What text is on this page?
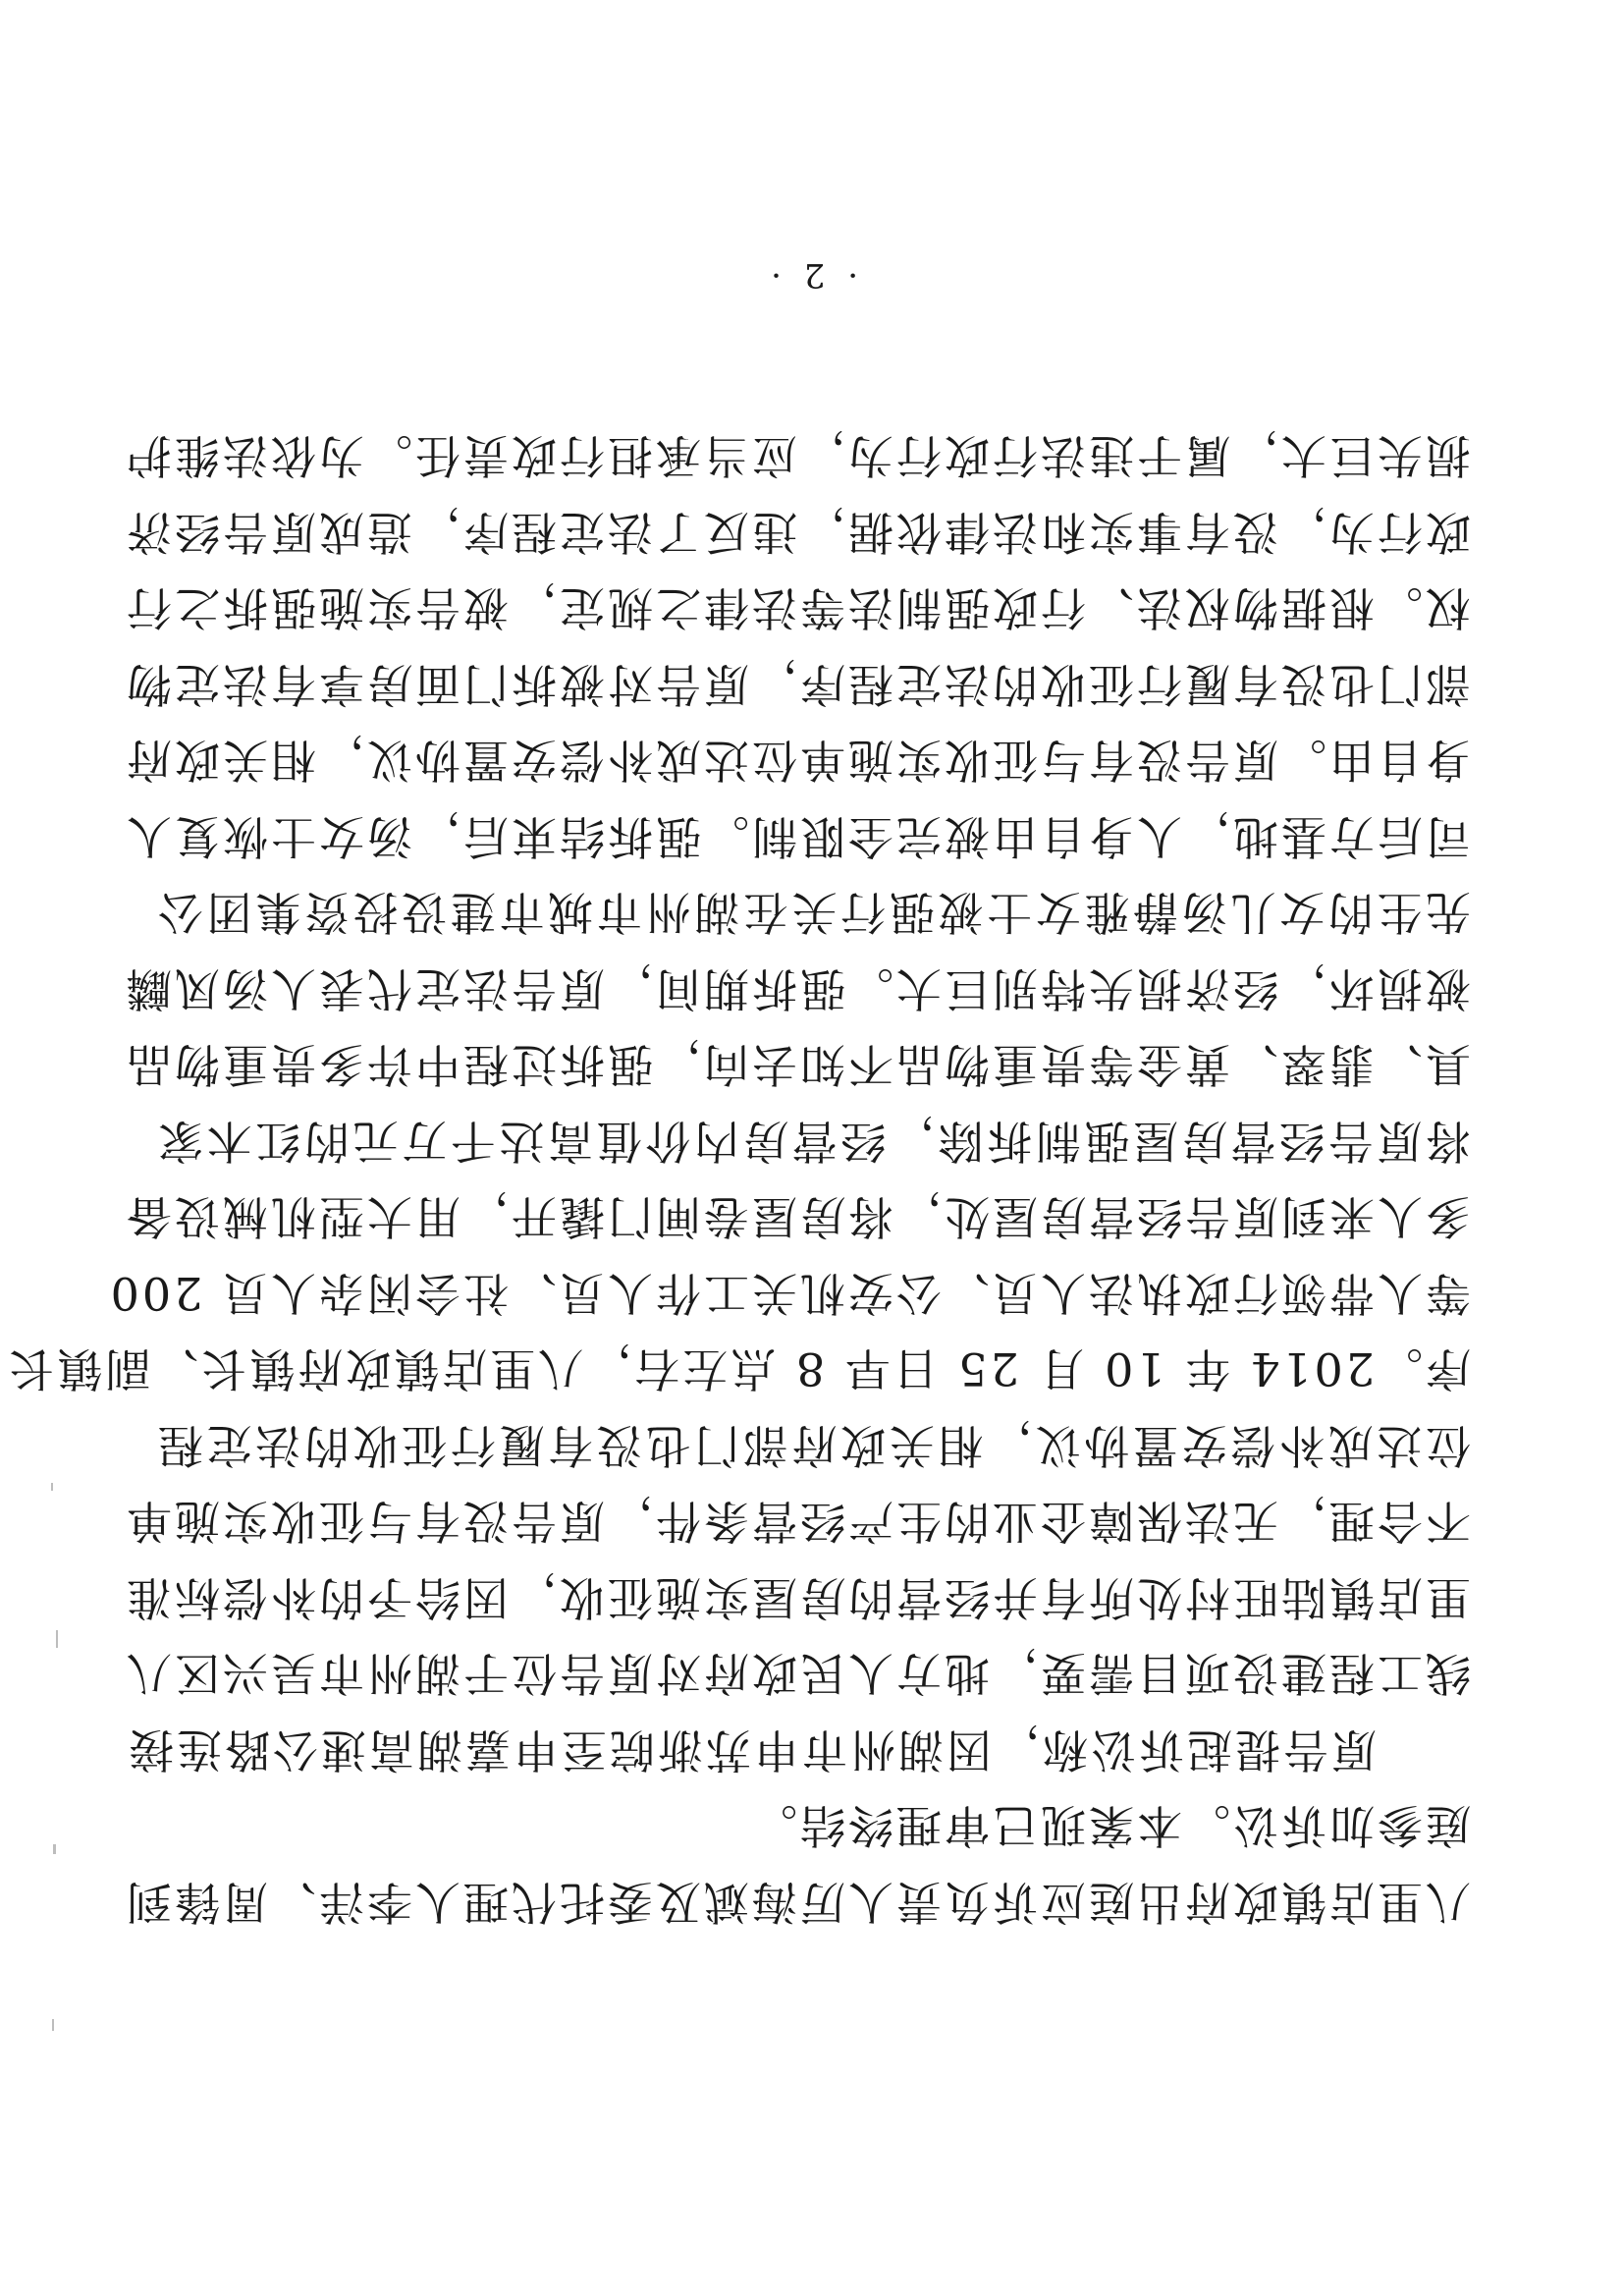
· 2 ·
八里店镇政府出庭应诉负责人厉海斌及委托代理人李洋、周锋到
庭参加诉讼。本案现已审理终结。
原告提起诉讼称，因湖州市申苏浙皖至申嘉湖高速公路连接
线工程建设项目需要，地方人民政府对原告位于湖州市吴兴区八
里店镇陆旺村处所有并经营的房屋实施征收，因给予的补偿标准
不合理，无法保障企业的生产经营条件，原告没有与征收实施单
位达成补偿安置协议，相关政府部门也没有履行征收的法定程
序。2014 年 10 月 25 日早 8 点左右，八里店镇政府镇长、副镇长
等人带领行政执法人员、公安机关工作人员、社会闲杂人员 200
多人来到原告经营房屋处，将房屋卷闸门撬开，用大型机械设备
将原告经营房屋强制拆除，经营房内价值高达千万元的红木家
具、翡翠、黄金等贵重物品不知去向，强拆过程中许多贵重物品
被损坏，经济损失特别巨大。强拆期间，原告法定代表人汤凤麟
先生的女儿汤静雅女士被强行关在湖州市城市建设投资集团公
司后方基地，人身自由被完全限制。强拆结束后，汤女士恢复人
身自由。原告没有与征收实施单位达成补偿安置协议，相关政府
部门也没有履行征收的法定程序，原告对被拆门面房享有法定物
权。根据物权法、行政强制法等法律之规定，被告实施强拆之行
政行为，没有事实和法律依据，违反了法定程序，造成原告经济
损失巨大，属于违法行政行为，应当承担行政责任。为依法维护
